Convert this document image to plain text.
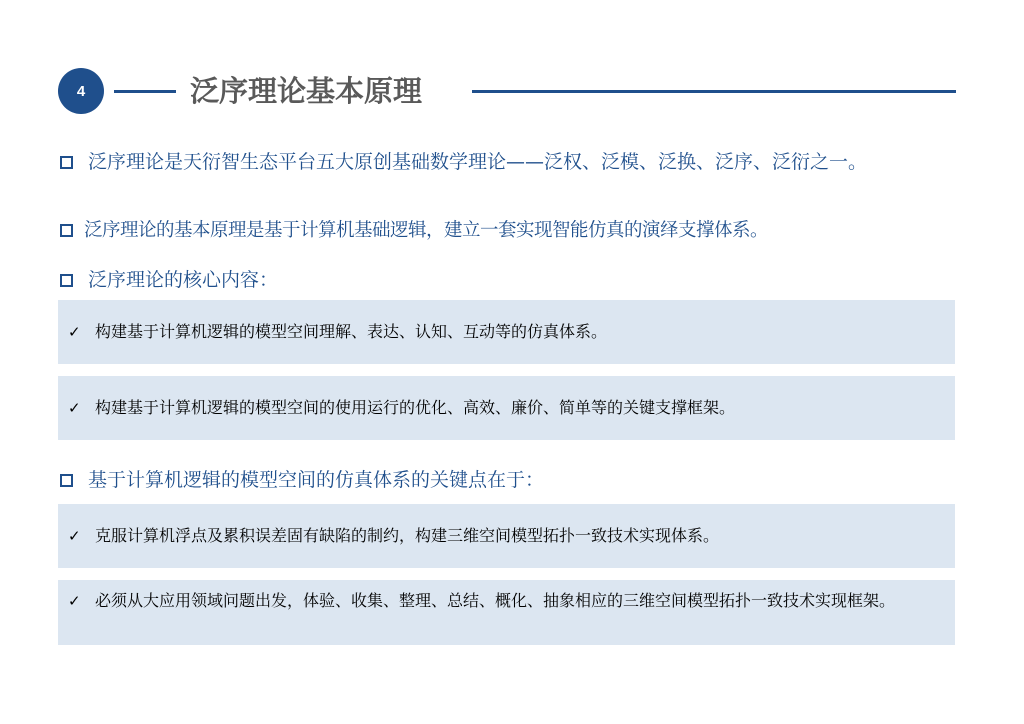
4	泛序理论基本原理
泛序理论是天衍智生态平台五大原创基础数学理论——泛权、泛模、泛换、泛序、泛衍之一。
泛序理论的基本原理是基于计算机基础逻辑，建立一套实现智能仿真的演绎支撑体系。
泛序理论的核心内容：
✓ 构建基于计算机逻辑的模型空间理解、表达、认知、互动等的仿真体系。
✓ 构建基于计算机逻辑的模型空间的使用运行的优化、高效、廉价、简单等的关键支撑框架。
基于计算机逻辑的模型空间的仿真体系的关键点在于：
✓ 克服计算机浮点及累积误差固有缺陷的制约，构建三维空间模型拓扑一致技术实现体系。
✓ 必须从大应用领域问题出发，体验、收集、整理、总结、概化、抽象相应的三维空间模型拓扑一致技术实现框架。
